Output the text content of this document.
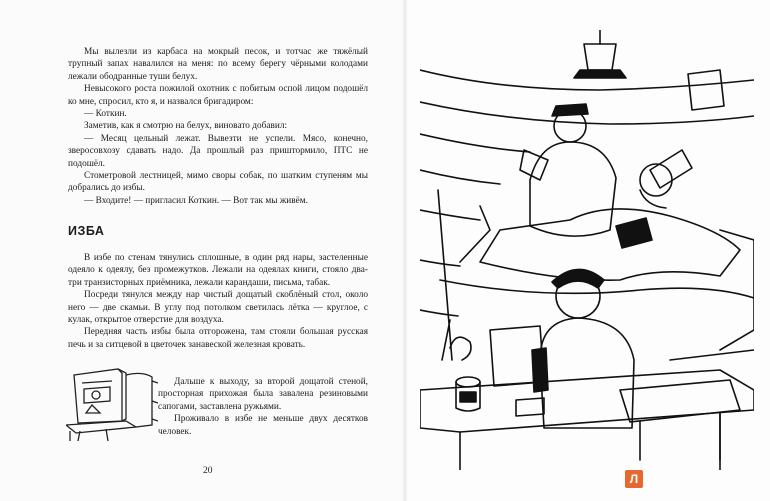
Мы вылезли из карбаса на мокрый песок, и тотчас же тяжёлый трупный запах навалился на меня: по всему берегу чёрными колодами лежали ободранные туши белух.

Невысокого роста пожилой охотник с побитым оспой лицом подошёл ко мне, спросил, кто я, и назвался бригадиром:

— Коткин.

Заметив, как я смотрю на белух, виновато добавил:

— Месяц цельный лежат. Вывезти не успели. Мясо, конечно, зверосовхозу сдавать надо. Да прошлый раз приштормило, ПТС не подошёл.

Стометровой лестницей, мимо своры собак, по шатким ступеням мы добрались до избы.

— Входите! — пригласил Коткин. — Вот так мы живём.

ИЗБА

В избе по стенам тянулись сплошные, в один ряд нары, застеленные одеяло к одеялу, без промежутков. Лежали на одеялах книги, стояло два-три транзисторных приёмника, лежали карандаши, письма, табак.

Посреди тянулся между нар чистый дощатый скоблёный стол, около него — две скамьи. В углу под потолком светилась лётка — круглое, с кулак, открытое отверстие для воздуха.

Передняя часть избы была отгорожена, там стояли большая русская печь и за ситцевой в цветочек занавеской железная кровать.

Дальше к выходу, за второй дощатой стеной, просторная прихожая была завалена резиновыми сапогами, заставлена ружьями.

Проживало в избе не меньше двух десятков человек.

20
Л
